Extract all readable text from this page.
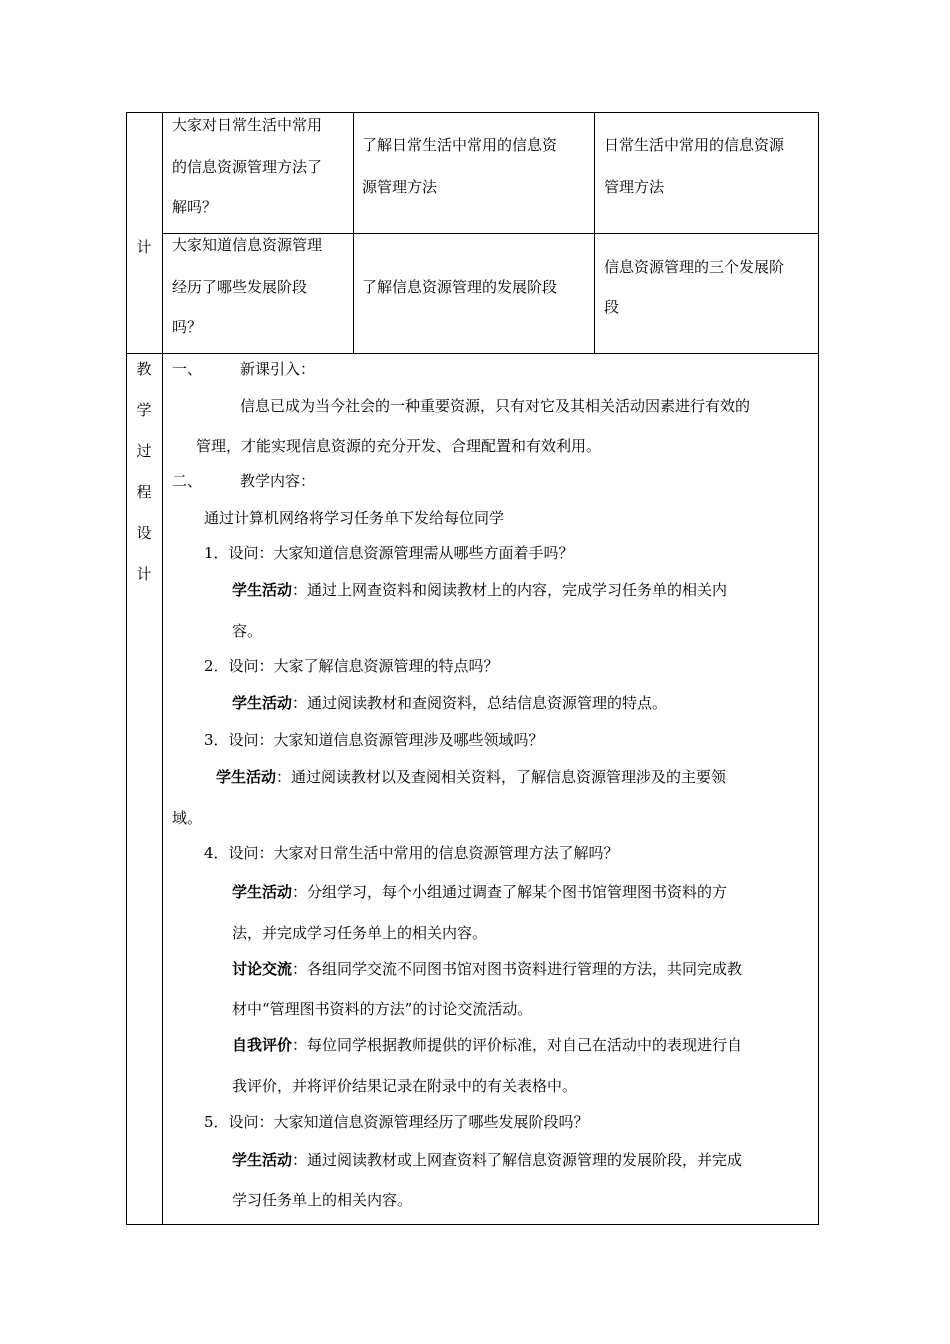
计
大家对日常生活中常用
的信息资源管理方法了
解吗？
了解日常生活中常用的信息资
源管理方法
日常生活中常用的信息资源
管理方法
大家知道信息资源管理
经历了哪些发展阶段
吗？
了解信息资源管理的发展阶段
信息资源管理的三个发展阶
段
教
学
过
程
设
计
一、	新课引入：
信息已成为当今社会的一种重要资源，只有对它及其相关活动因素进行有效的
管理，才能实现信息资源的充分开发、合理配置和有效利用。
二、	教学内容：
通过计算机网络将学习任务单下发给每位同学
1．设问：大家知道信息资源管理需从哪些方面着手吗？
学生活动：通过上网查资料和阅读教材上的内容，完成学习任务单的相关内
容。
2．设问：大家了解信息资源管理的特点吗？
学生活动：通过阅读教材和查阅资料，总结信息资源管理的特点。
3．设问：大家知道信息资源管理涉及哪些领域吗？
学生活动：通过阅读教材以及查阅相关资料，了解信息资源管理涉及的主要领
域。
4．设问：大家对日常生活中常用的信息资源管理方法了解吗？
学生活动：分组学习，每个小组通过调查了解某个图书馆管理图书资料的方
法，并完成学习任务单上的相关内容。
讨论交流：各组同学交流不同图书馆对图书资料进行管理的方法，共同完成教
材中“管理图书资料的方法”的讨论交流活动。
自我评价：每位同学根据教师提供的评价标准，对自己在活动中的表现进行自
我评价，并将评价结果记录在附录中的有关表格中。
5．设问：大家知道信息资源管理经历了哪些发展阶段吗？
学生活动：通过阅读教材或上网查资料了解信息资源管理的发展阶段，并完成
学习任务单上的相关内容。
